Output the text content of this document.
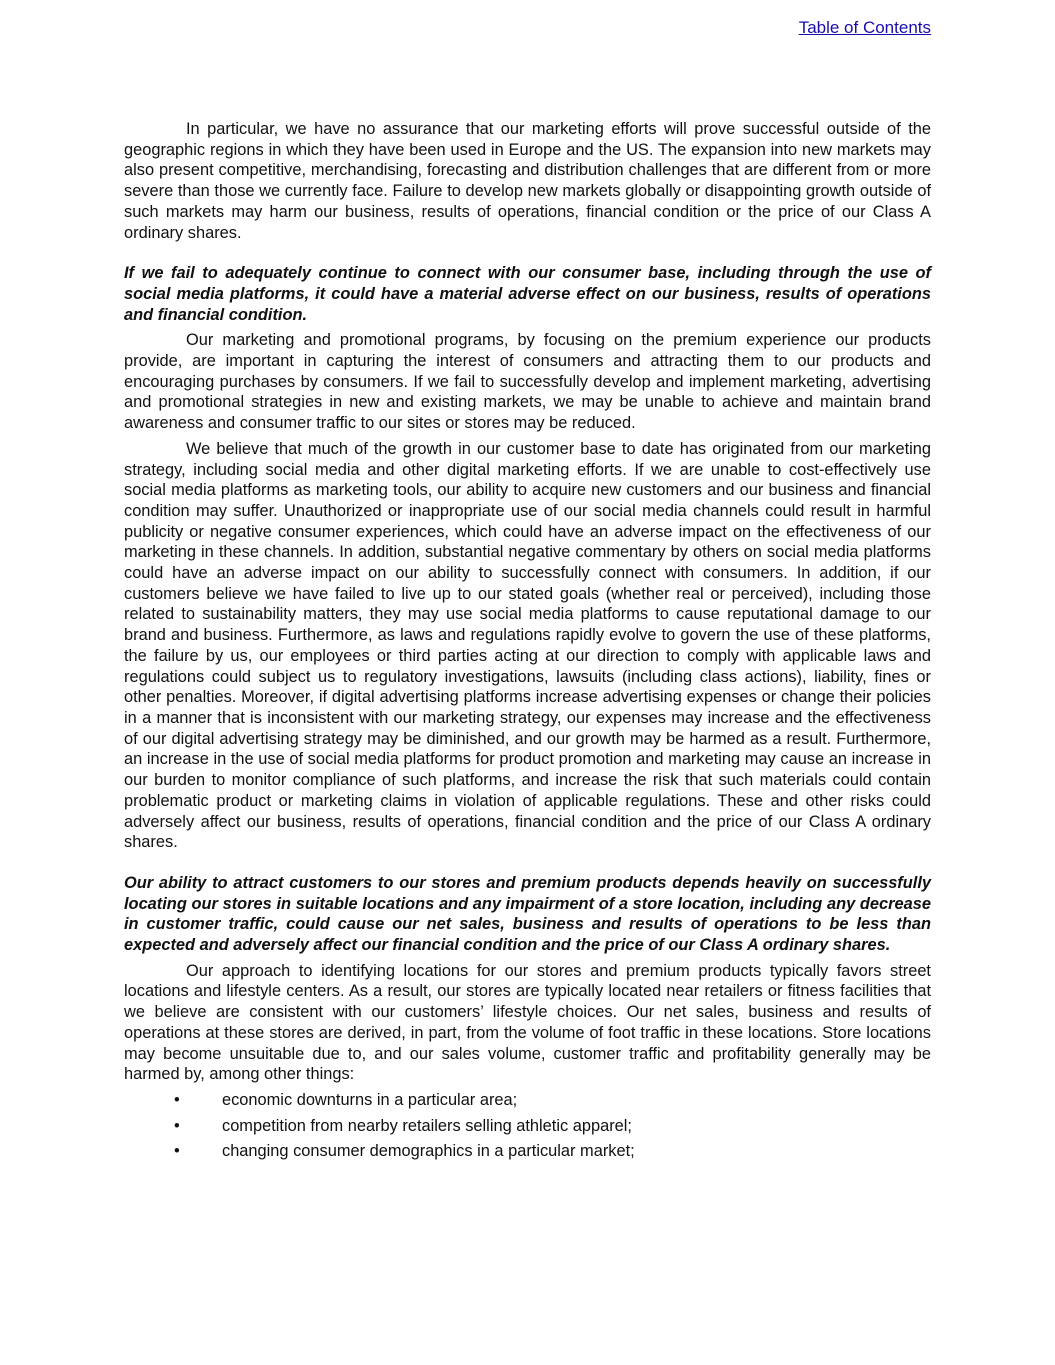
Table of Contents

In particular, we have no assurance that our marketing efforts will prove successful outside of the geographic regions in which they have been used in Europe and the US. The expansion into new markets may also present competitive, merchandising, forecasting and distribution challenges that are different from or more severe than those we currently face. Failure to develop new markets globally or disappointing growth outside of such markets may harm our business, results of operations, financial condition or the price of our Class A ordinary shares.

If we fail to adequately continue to connect with our consumer base, including through the use of social media platforms, it could have a material adverse effect on our business, results of operations and financial condition.

Our marketing and promotional programs, by focusing on the premium experience our products provide, are important in capturing the interest of consumers and attracting them to our products and encouraging purchases by consumers. If we fail to successfully develop and implement marketing, advertising and promotional strategies in new and existing markets, we may be unable to achieve and maintain brand awareness and consumer traffic to our sites or stores may be reduced.

We believe that much of the growth in our customer base to date has originated from our marketing strategy, including social media and other digital marketing efforts. If we are unable to cost-effectively use social media platforms as marketing tools, our ability to acquire new customers and our business and financial condition may suffer. Unauthorized or inappropriate use of our social media channels could result in harmful publicity or negative consumer experiences, which could have an adverse impact on the effectiveness of our marketing in these channels. In addition, substantial negative commentary by others on social media platforms could have an adverse impact on our ability to successfully connect with consumers. In addition, if our customers believe we have failed to live up to our stated goals (whether real or perceived), including those related to sustainability matters, they may use social media platforms to cause reputational damage to our brand and business. Furthermore, as laws and regulations rapidly evolve to govern the use of these platforms, the failure by us, our employees or third parties acting at our direction to comply with applicable laws and regulations could subject us to regulatory investigations, lawsuits (including class actions), liability, fines or other penalties. Moreover, if digital advertising platforms increase advertising expenses or change their policies in a manner that is inconsistent with our marketing strategy, our expenses may increase and the effectiveness of our digital advertising strategy may be diminished, and our growth may be harmed as a result. Furthermore, an increase in the use of social media platforms for product promotion and marketing may cause an increase in our burden to monitor compliance of such platforms, and increase the risk that such materials could contain problematic product or marketing claims in violation of applicable regulations. These and other risks could adversely affect our business, results of operations, financial condition and the price of our Class A ordinary shares.

Our ability to attract customers to our stores and premium products depends heavily on successfully locating our stores in suitable locations and any impairment of a store location, including any decrease in customer traffic, could cause our net sales, business and results of operations to be less than expected and adversely affect our financial condition and the price of our Class A ordinary shares.

Our approach to identifying locations for our stores and premium products typically favors street locations and lifestyle centers. As a result, our stores are typically located near retailers or fitness facilities that we believe are consistent with our customers’ lifestyle choices. Our net sales, business and results of operations at these stores are derived, in part, from the volume of foot traffic in these locations. Store locations may become unsuitable due to, and our sales volume, customer traffic and profitability generally may be harmed by, among other things:

•	economic downturns in a particular area;
•	competition from nearby retailers selling athletic apparel;
•	changing consumer demographics in a particular market;
